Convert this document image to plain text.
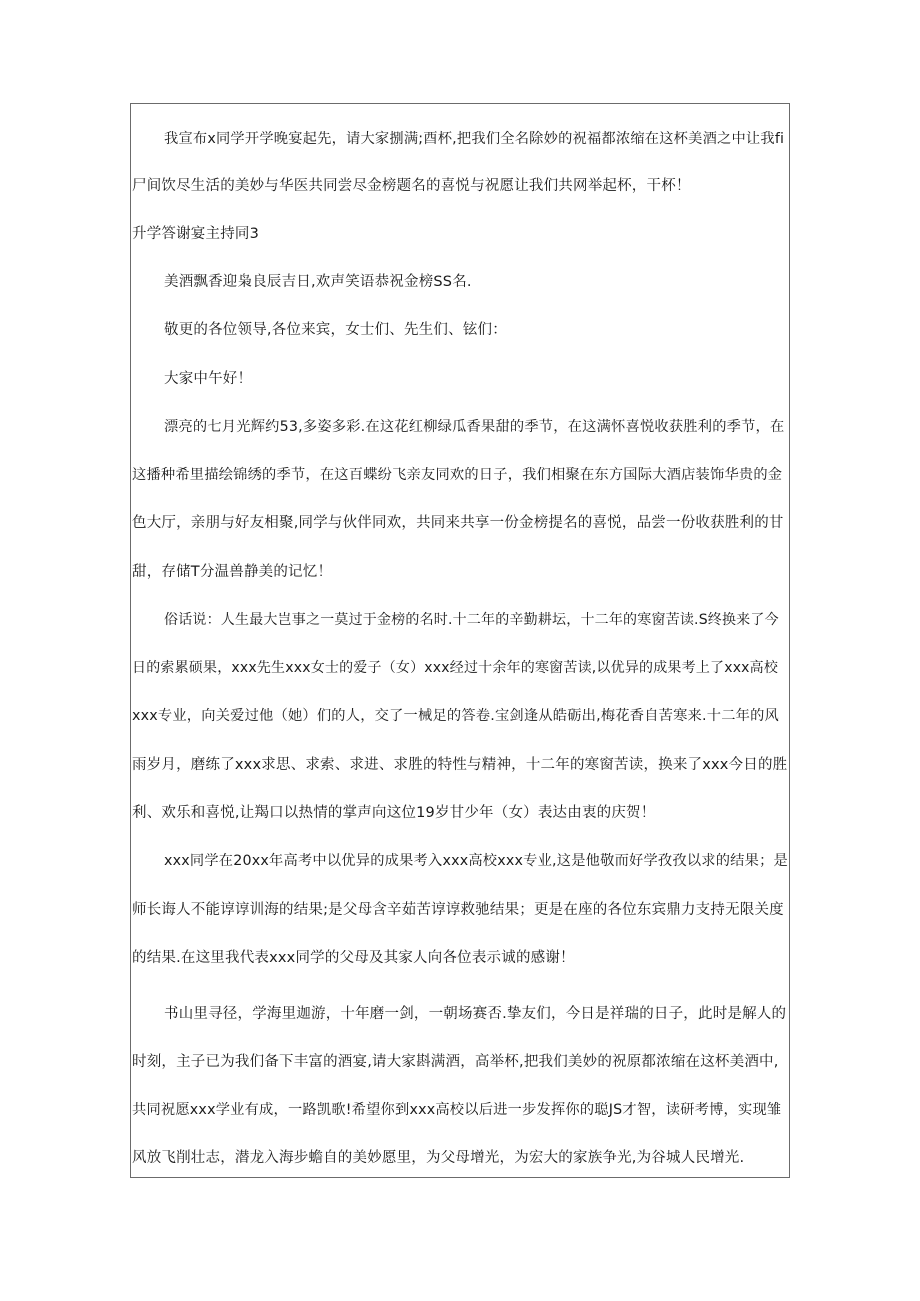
我宣布x同学开学晚宴起先，请大家捌满;酉杯,把我们全名除妙的祝福都浓缩在这杯美酒之中让我fi
尸间饮尽生活的美妙与华医共同尝尽金榜题名的喜悦与祝愿让我们共网举起杯，干杯！
升学答谢宴主持同3
美酒飘香迎枭良辰吉日,欢声笑语恭祝金榜SS名.
敬更的各位领导,各位来宾，女士们、先生们、铉们：
大家中午好！
漂亮的七月光辉约53,多姿多彩.在这花红柳绿瓜香果甜的季节，在这满怀喜悦收获胜利的季节，在
这播种希里描绘锦绣的季节，在这百蝶纷飞亲友同欢的日子，我们相聚在东方国际大酒店装饰华贵的金
色大厅，亲朋与好友相聚,同学与伙伴同欢，共同来共享一份金榜提名的喜悦，品尝一份收获胜利的甘
甜，存储T分温兽静美的记忆！
俗话说：人生最大岂事之一莫过于金榜的名时.十二年的辛勤耕坛，十二年的寒窗苦读.S终换来了今
日的索累硕果，xxx先生xxx女士的爱子（女）xxx经过十余年的寒窗苦读,以优异的成果考上了xxx高校
xxx专业，向关爱过他（她）们的人，交了一械足的答卷.宝剑逢从皓砺出,梅花香自苦寒来.十二年的风
雨岁月，磨练了xxx求思、求索、求进、求胜的特性与精神，十二年的寒窗苦读，换来了xxx今日的胜
利、欢乐和喜悦,让羯口以热情的掌声向这位19岁甘少年（女）表达由衷的庆贺！
xxx同学在20xx年高考中以优异的成果考入xxx高校xxx专业,这是他敬而好学孜孜以求的结果；是
师长诲人不能谆谆训海的结果;是父母含辛茹苦谆谆救驰结果；更是在座的各位东宾鼎力支持无限关度
的结果.在这里我代表xxx同学的父母及其家人向各位表示诚的感谢！
书山里寻径，学海里迦游，十年磨一剑，一朝场赛否.挚友们，今日是祥瑞的日子，此时是解人的
时刻，主子已为我们备下丰富的酒宴,请大家斟满酒，高举杯,把我们美妙的祝原都浓缩在这杯美酒中,
共同祝愿xxx学业有成，一路凯歌!希望你到xxx高校以后进一步发挥你的聪JS才智，读研考博，实现雏
风放飞削壮志，潜龙入海步蟾自的美妙愿里，为父母增光，为宏大的家族争光,为谷城人民增光.
